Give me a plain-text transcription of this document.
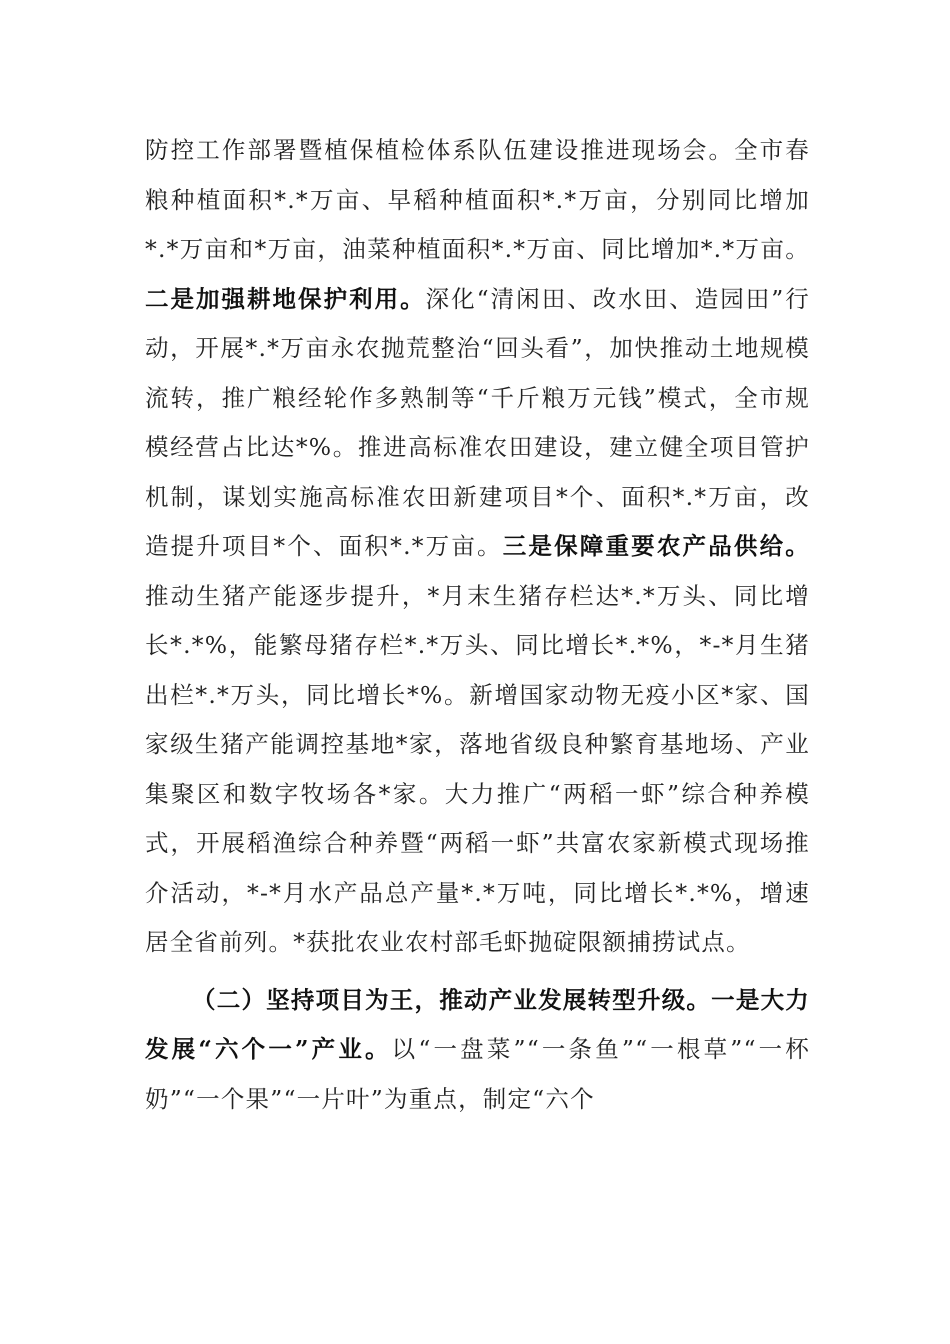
防控工作部署暨植保植检体系队伍建设推进现场会。全市春粮种植面积*.*万亩、早稻种植面积*.*万亩，分别同比增加*.*万亩和*万亩，油菜种植面积*.*万亩、同比增加*.*万亩。二是加强耕地保护利用。深化“清闲田、改水田、造园田”行动，开展*.*万亩永农抛荒整治“回头看”，加快推动土地规模流转，推广粮经轮作多熟制等“千斤粮万元钱”模式，全市规模经营占比达*%。推进高标准农田建设，建立健全项目管护机制，谋划实施高标准农田新建项目*个、面积*.*万亩，改造提升项目*个、面积*.*万亩。三是保障重要农产品供给。推动生猪产能逐步提升，*月末生猪存栏达*.*万头、同比增长*.*%，能繁母猪存栏*.*万头、同比增长*.*%，*-*月生猪出栏*.*万头，同比增长*%。新增国家动物无疫小区*家、国家级生猪产能调控基地*家，落地省级良种繁育基地场、产业集聚区和数字牧场各*家。大力推广“两稻一虾”综合种养模式，开展稻渔综合种养暨“两稻一虾”共富农家新模式现场推介活动，*-*月水产品总产量*.*万吨，同比增长*.*%，增速居全省前列。*获批农业农村部毛虾抛碇限额捕捞试点。

（二）坚持项目为王，推动产业发展转型升级。一是大力发展“六个一”产业。以“一盘菜”“一条鱼”“一根草”“一杯奶”“一个果”“一片叶”为重点，制定“六个
